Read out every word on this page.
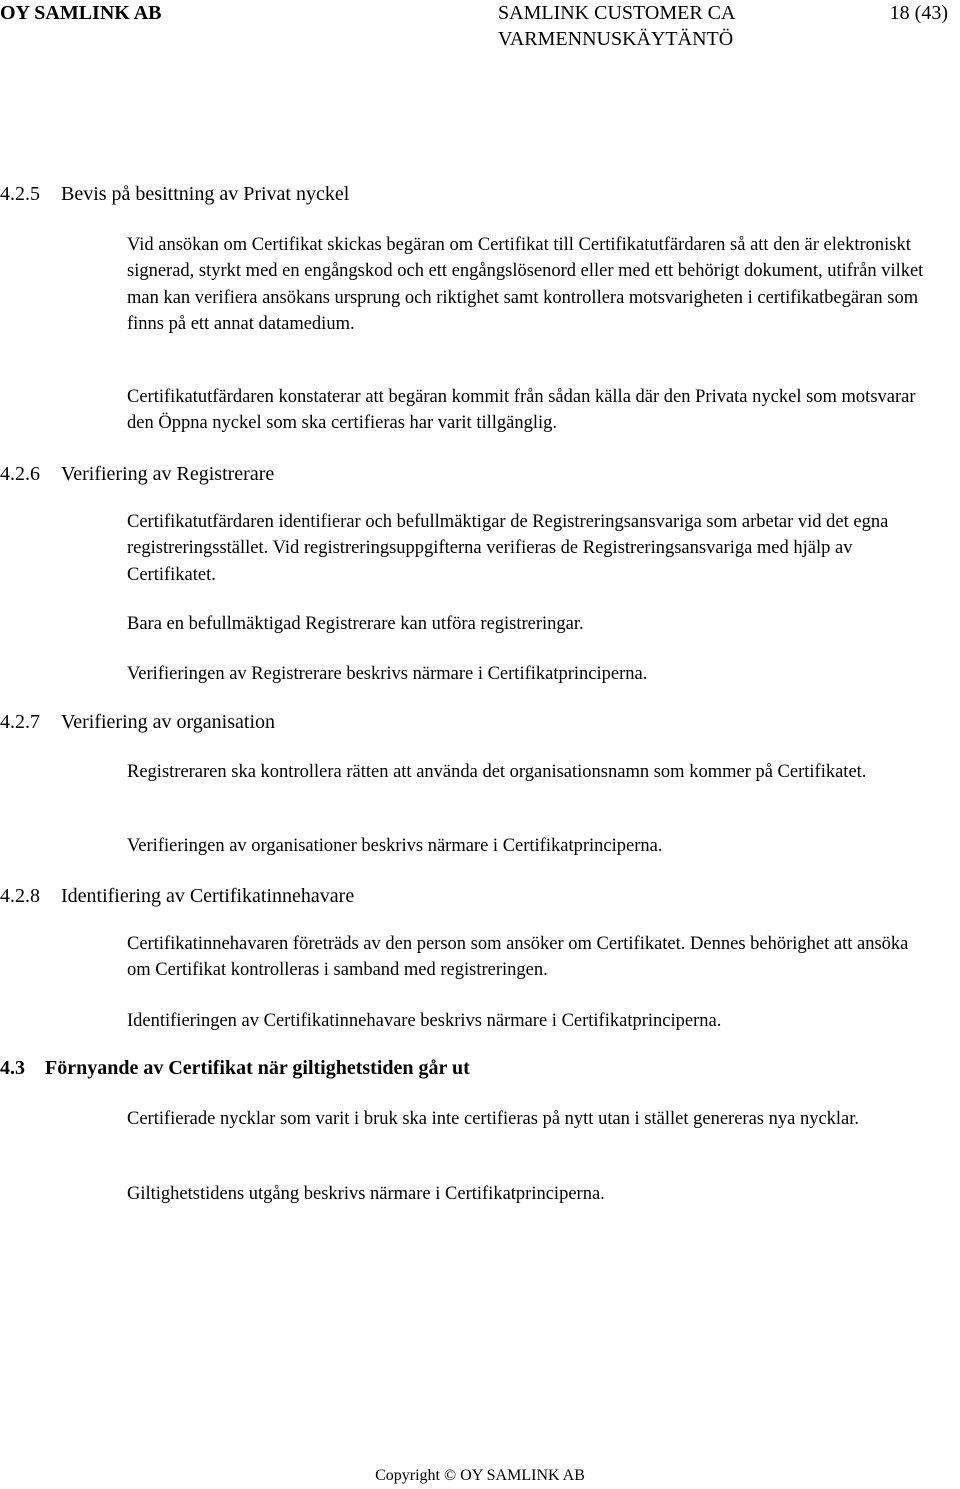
OY SAMLINK AB	SAMLINK CUSTOMER CA
VARMENNUSKÄYTÄNTÖ
18 (43)
4.2.5 Bevis på besittning av Privat nyckel
Vid ansökan om Certifikat skickas begäran om Certifikat till Certifikatutfärdaren så att den är elektroniskt signerad, styrkt med en engångskod och ett engångslösenord eller med ett behörigt dokument, utifrån vilket man kan verifiera ansökans ursprung och riktighet samt kontrollera motsvarigheten i certifikatbegäran som finns på ett annat datamedium.
Certifikatutfärdaren konstaterar att begäran kommit från sådan källa där den Privata nyckel som motsvarar den Öppna nyckel som ska certifieras har varit tillgänglig.
4.2.6 Verifiering av Registrerare
Certifikatutfärdaren identifierar och befullmäktigar de Registreringsansvariga som arbetar vid det egna registreringsstället. Vid registreringsuppgifterna verifieras de Registreringsansvariga med hjälp av Certifikatet.
Bara en befullmäktigad Registrerare kan utföra registreringar.
Verifieringen av Registrerare beskrivs närmare i Certifikatprinciperna.
4.2.7 Verifiering av organisation
Registreraren ska kontrollera rätten att använda det organisationsnamn som kommer på Certifikatet.
Verifieringen av organisationer beskrivs närmare i Certifikatprinciperna.
4.2.8 Identifiering av Certifikatinnehavare
Certifikatinnehavaren företräds av den person som ansöker om Certifikatet. Dennes behörighet att ansöka om Certifikat kontrolleras i samband med registreringen.
Identifieringen av Certifikatinnehavare beskrivs närmare i Certifikatprinciperna.
4.3 Förnyande av Certifikat när giltighetstiden går ut
Certifierade nycklar som varit i bruk ska inte certifieras på nytt utan i stället genereras nya nycklar.
Giltighetstidens utgång beskrivs närmare i Certifikatprinciperna.
Copyright © OY SAMLINK AB
